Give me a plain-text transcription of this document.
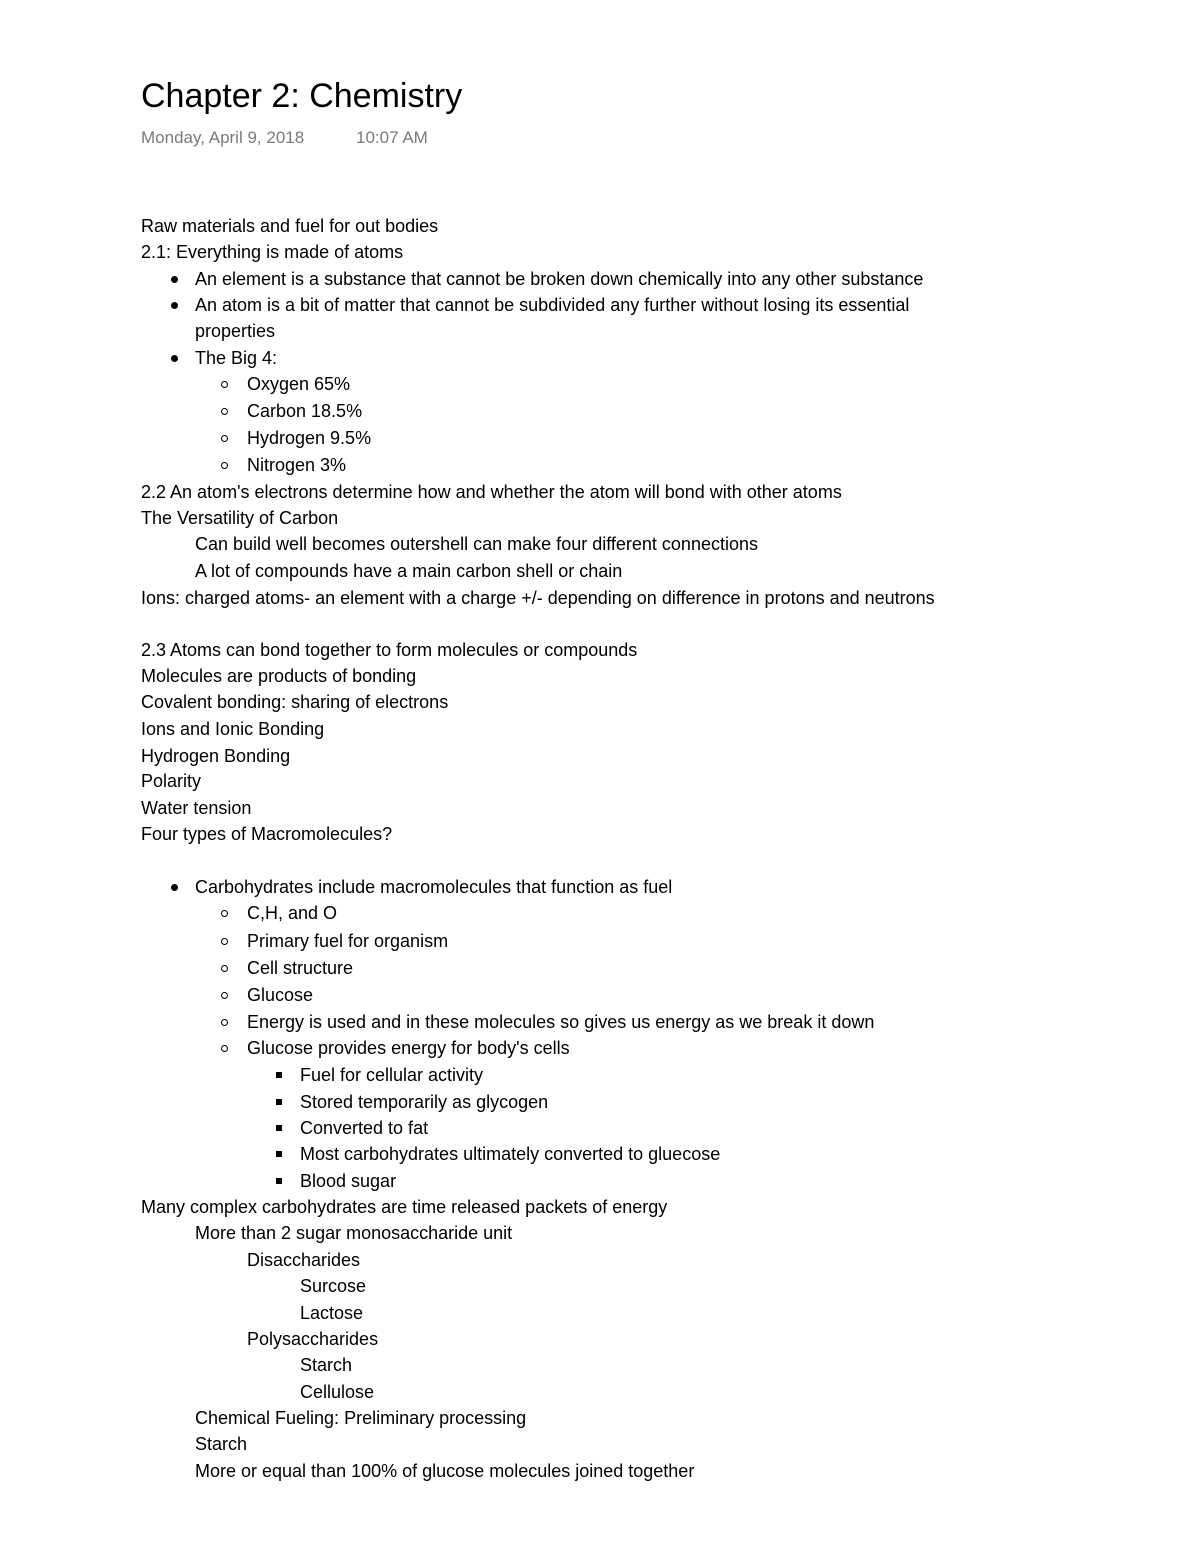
Chapter 2: Chemistry
Monday, April 9, 2018	10:07 AM
Raw materials and fuel for out bodies
2.1: Everything is made of atoms
An element is a substance that cannot be broken down chemically into any other substance
An atom is a bit of matter that cannot be subdivided any further without losing its essential
properties
The Big 4:
Oxygen 65%
Carbon 18.5%
Hydrogen 9.5%
Nitrogen 3%
2.2 An atom's electrons determine how and whether the atom will bond with other atoms
The Versatility of Carbon
Can build well becomes outershell can make four different connections
A lot of compounds have a main carbon shell or chain
Ions: charged atoms- an element with a charge +/- depending on difference in protons and neutrons
2.3 Atoms can bond together to form molecules or compounds
Molecules are products of bonding
Covalent bonding: sharing of electrons
Ions and Ionic Bonding
Hydrogen Bonding
Polarity
Water tension
Four types of Macromolecules?
Carbohydrates include macromolecules that function as fuel
C,H, and O
Primary fuel for organism
Cell structure
Glucose
Energy is used and in these molecules so gives us energy as we break it down
Glucose provides energy for body's cells
Fuel for cellular activity
Stored temporarily as glycogen
Converted to fat
Most carbohydrates ultimately converted to gluecose
Blood sugar
Many complex carbohydrates are time released packets of energy
More than 2 sugar monosaccharide unit
Disaccharides
Surcose
Lactose
Polysaccharides
Starch
Cellulose
Chemical Fueling: Preliminary processing
Starch
More or equal than 100% of glucose molecules joined together
